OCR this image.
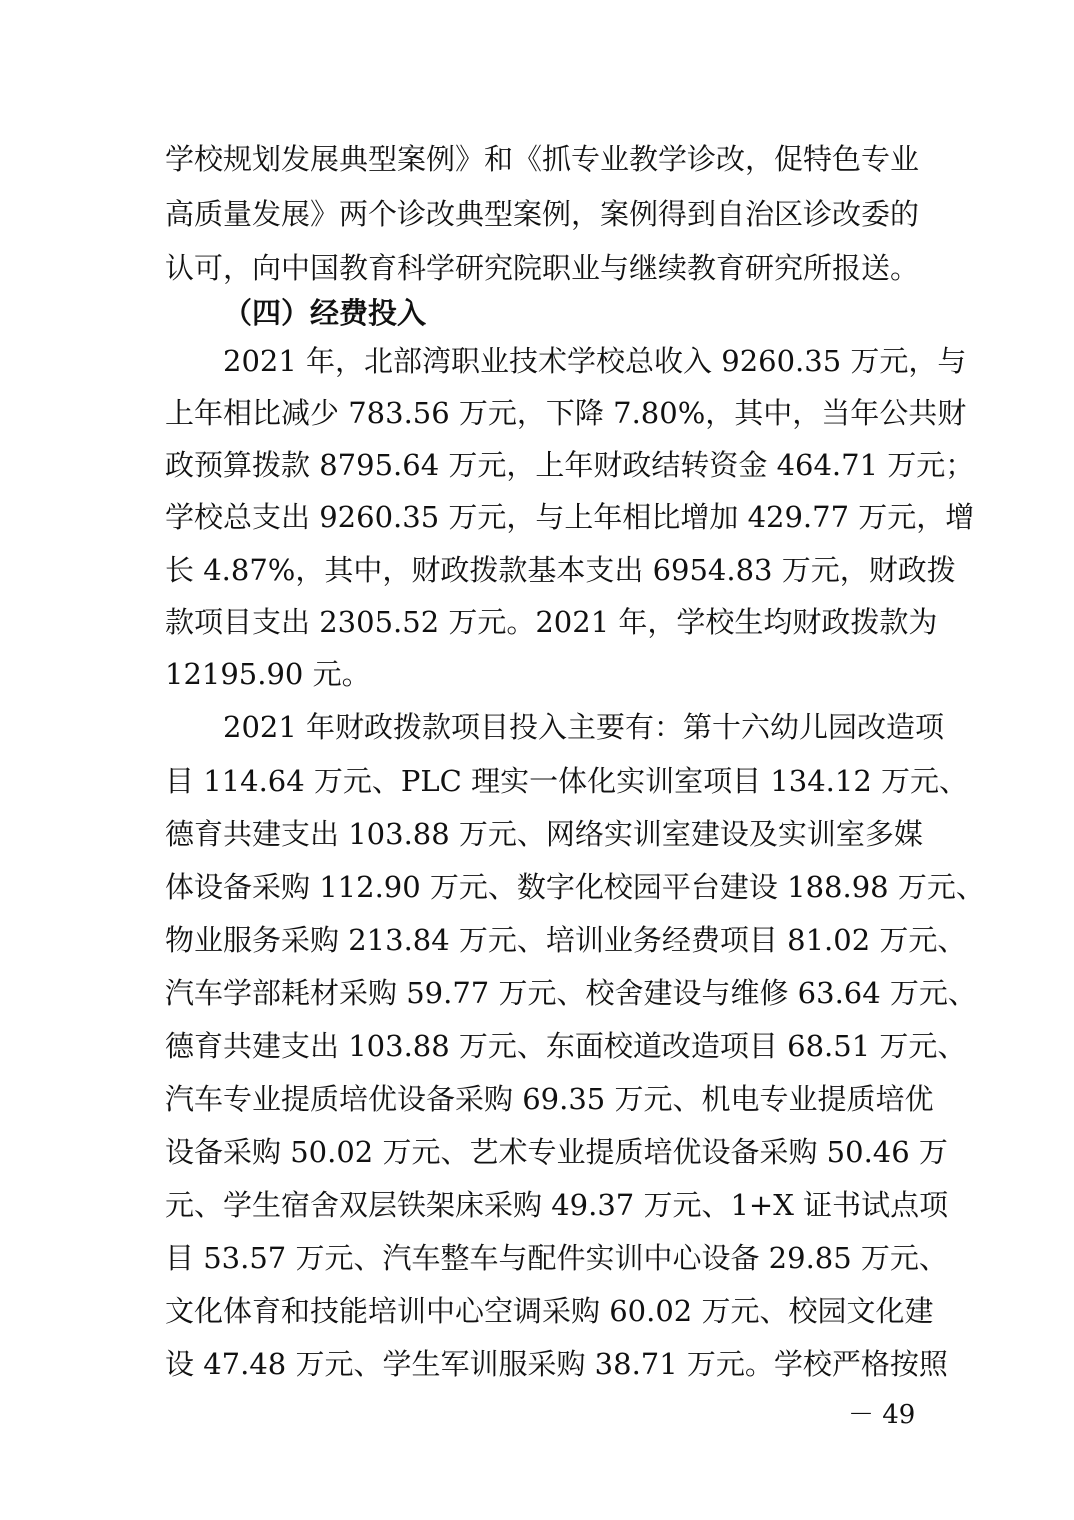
学校规划发展典型案例》和《抓专业教学诊改，促特色专业
高质量发展》两个诊改典型案例，案例得到自治区诊改委的
认可，向中国教育科学研究院职业与继续教育研究所报送。
（四）经费投入
2021 年，北部湾职业技术学校总收入 9260.35 万元，与
上年相比减少 783.56 万元，下降 7.80%，其中，当年公共财
政预算拨款 8795.64 万元，上年财政结转资金 464.71 万元；
学校总支出 9260.35 万元，与上年相比增加 429.77 万元，增
长 4.87%，其中，财政拨款基本支出 6954.83 万元，财政拨
款项目支出 2305.52 万元。2021 年，学校生均财政拨款为
12195.90 元。
2021 年财政拨款项目投入主要有：第十六幼儿园改造项
目 114.64 万元、PLC 理实一体化实训室项目 134.12 万元、
德育共建支出 103.88 万元、网络实训室建设及实训室多媒
体设备采购 112.90 万元、数字化校园平台建设 188.98 万元、
物业服务采购 213.84 万元、培训业务经费项目 81.02 万元、
汽车学部耗材采购 59.77 万元、校舍建设与维修 63.64 万元、
德育共建支出 103.88 万元、东面校道改造项目 68.51 万元、
汽车专业提质培优设备采购 69.35 万元、机电专业提质培优
设备采购 50.02 万元、艺术专业提质培优设备采购 50.46 万
元、学生宿舍双层铁架床采购 49.37 万元、1+X 证书试点项
目 53.57 万元、汽车整车与配件实训中心设备 29.85 万元、
文化体育和技能培训中心空调采购 60.02 万元、校园文化建
设 47.48 万元、学生军训服采购 38.71 万元。学校严格按照
－ 49
